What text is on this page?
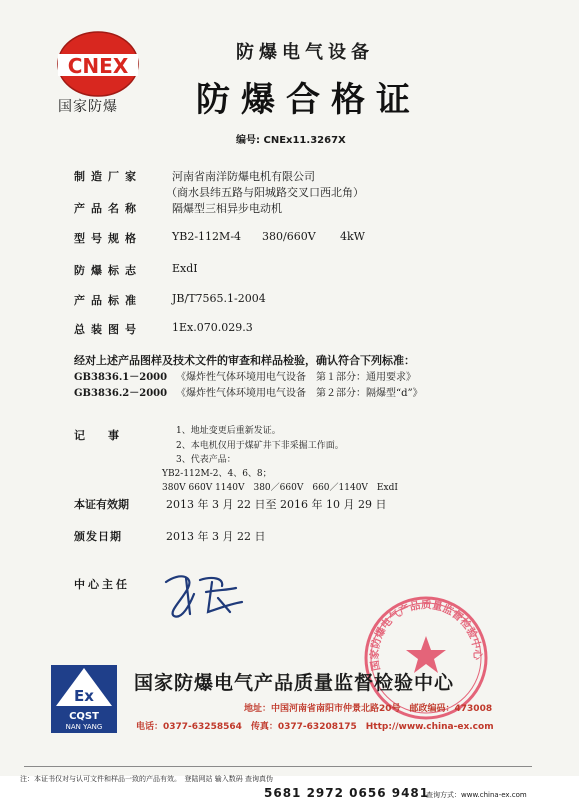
CNEX
国家防爆
防爆电气设备
防爆合格证
编号: CNEx11.3267X
制造厂家	河南省南洋防爆电机有限公司
（商水县纬五路与阳城路交叉口西北角）
产品名称	隔爆型三相异步电动机
型号规格	YB2-112M-4 380/660V 4kW
防爆标志	ExdI
产品标准	JB/T7565.1-2004
总装图号	1Ex.070.029.3
经对上述产品图样及技术文件的审查和样品检验，确认符合下列标准：
GB3836.1－2000 《爆炸性气体环境用电气设备　第１部分：通用要求》
GB3836.2－2000 《爆炸性气体环境用电气设备　第２部分：隔爆型“d”》
记　事	1、地址变更后重新发证。
2、本电机仅用于煤矿井下非采掘工作面。
3、代表产品：
YB2-112M-2、4、6、8；
380V 660V 1140V　380／660V　660／1140V　ExdI
本证有效期	2013 年 3 月 22 日至 2016 年 10 月 29 日
颁发日期	2013 年 3 月 22 日
中心主任
国家防爆电气产品质量监督检验中心
Ex
CQST
NAN YANG
国家防爆电气产品质量监督检验中心
地址：中国河南省南阳市仲景北路20号　邮政编码：473008
电话：0377-63258564　传真：0377-63208175　Http://www.china-ex.com
注：本证书仅对与认可文件和样品一致的产品有效。　登陆网站 输入数码 查询真伪
5681 2972 0656 9481
查询方式：www.china-ex.com
